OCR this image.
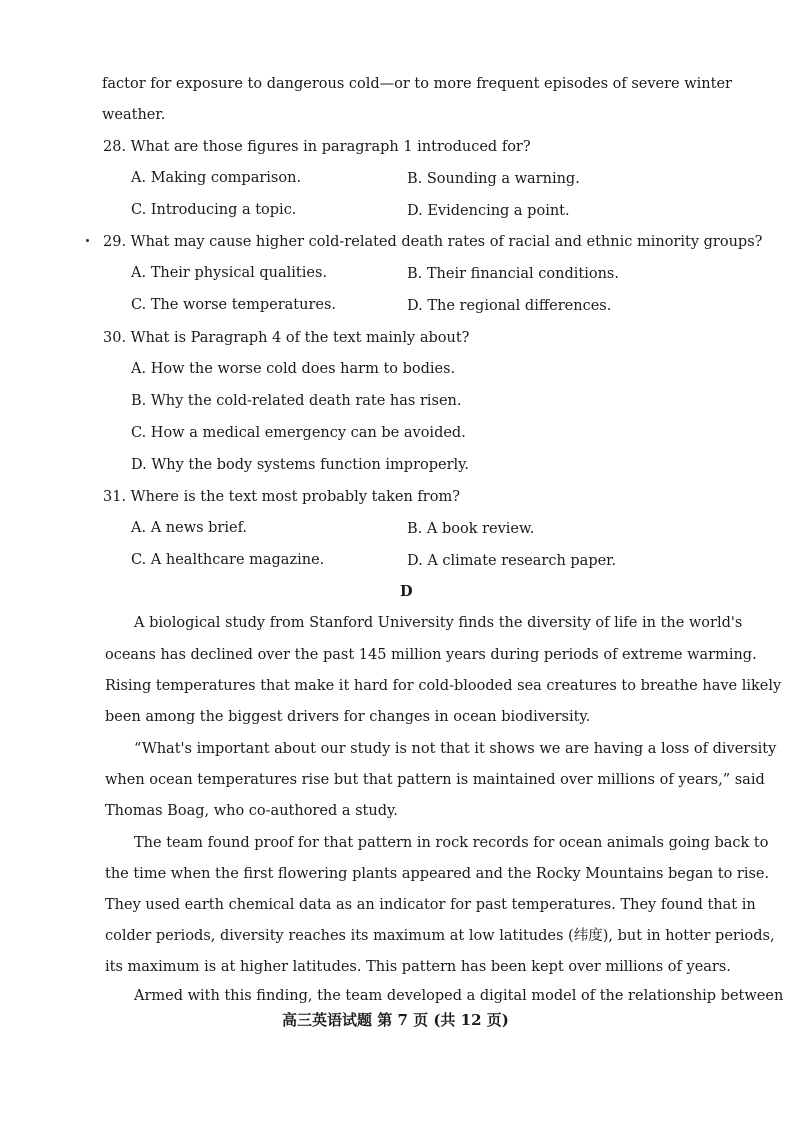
factor for exposure to dangerous cold—or to more frequent episodes of severe winter
weather.
28. What are those figures in paragraph 1 introduced for?
A. Making comparison.	B. Sounding a warning.
C. Introducing a topic.	D. Evidencing a point.
29. What may cause higher cold-related death rates of racial and ethnic minority groups?
A. Their physical qualities.	B. Their financial conditions.
C. The worse temperatures.	D. The regional differences.
30. What is Paragraph 4 of the text mainly about?
A. How the worse cold does harm to bodies.
B. Why the cold-related death rate has risen.
C. How a medical emergency can be avoided.
D. Why the body systems function improperly.
31. Where is the text most probably taken from?
A. A news brief.	B. A book review.
C. A healthcare magazine.	D. A climate research paper.
D
A biological study from Stanford University finds the diversity of life in the world's
oceans has declined over the past 145 million years during periods of extreme warming.
Rising temperatures that make it hard for cold-blooded sea creatures to breathe have likely
been among the biggest drivers for changes in ocean biodiversity.
“What's important about our study is not that it shows we are having a loss of diversity
when ocean temperatures rise but that pattern is maintained over millions of years,” said
Thomas Boag, who co-authored a study.
The team found proof for that pattern in rock records for ocean animals going back to
the time when the first flowering plants appeared and the Rocky Mountains began to rise.
They used earth chemical data as an indicator for past temperatures. They found that in
colder periods, diversity reaches its maximum at low latitudes (纬度), but in hotter periods,
its maximum is at higher latitudes. This pattern has been kept over millions of years.
Armed with this finding, the team developed a digital model of the relationship between
高三英语试题 第 7 页 (共 12 页)
